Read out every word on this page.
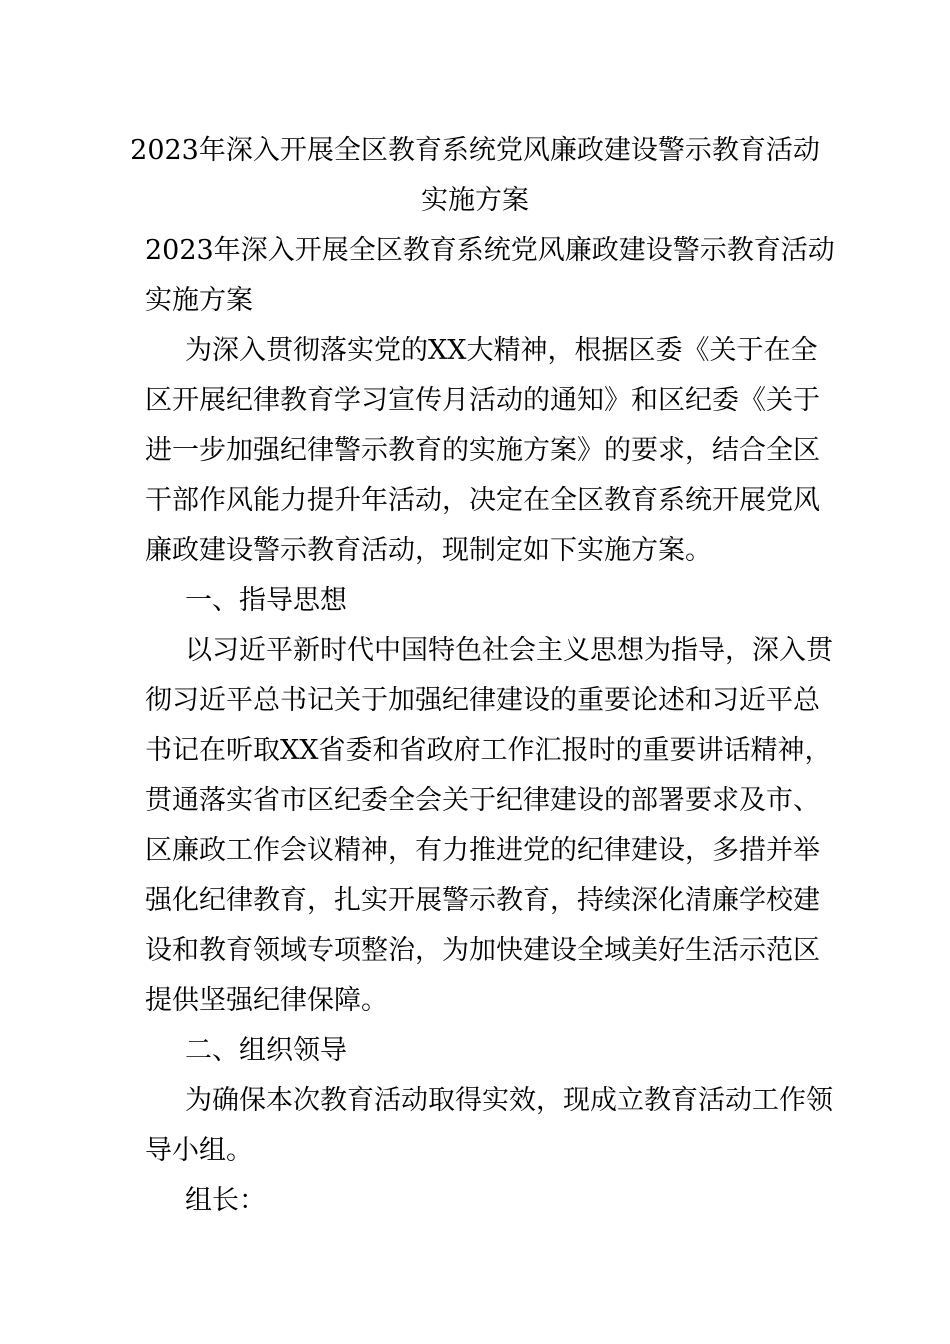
2023年深入开展全区教育系统党风廉政建设警示教育活动
实施方案

2023年深入开展全区教育系统党风廉政建设警示教育活动

实施方案

为深入贯彻落实党的XX大精神，根据区委《关于在全

区开展纪律教育学习宣传月活动的通知》和区纪委《关于

进一步加强纪律警示教育的实施方案》的要求，结合全区

干部作风能力提升年活动，决定在全区教育系统开展党风

廉政建设警示教育活动，现制定如下实施方案。

一、指导思想

以习近平新时代中国特色社会主义思想为指导，深入贯

彻习近平总书记关于加强纪律建设的重要论述和习近平总

书记在听取XX省委和省政府工作汇报时的重要讲话精神，

贯通落实省市区纪委全会关于纪律建设的部署要求及市、

区廉政工作会议精神，有力推进党的纪律建设，多措并举

强化纪律教育，扎实开展警示教育，持续深化清廉学校建

设和教育领域专项整治，为加快建设全域美好生活示范区

提供坚强纪律保障。

二、组织领导

为确保本次教育活动取得实效，现成立教育活动工作领

导小组。

组长：
